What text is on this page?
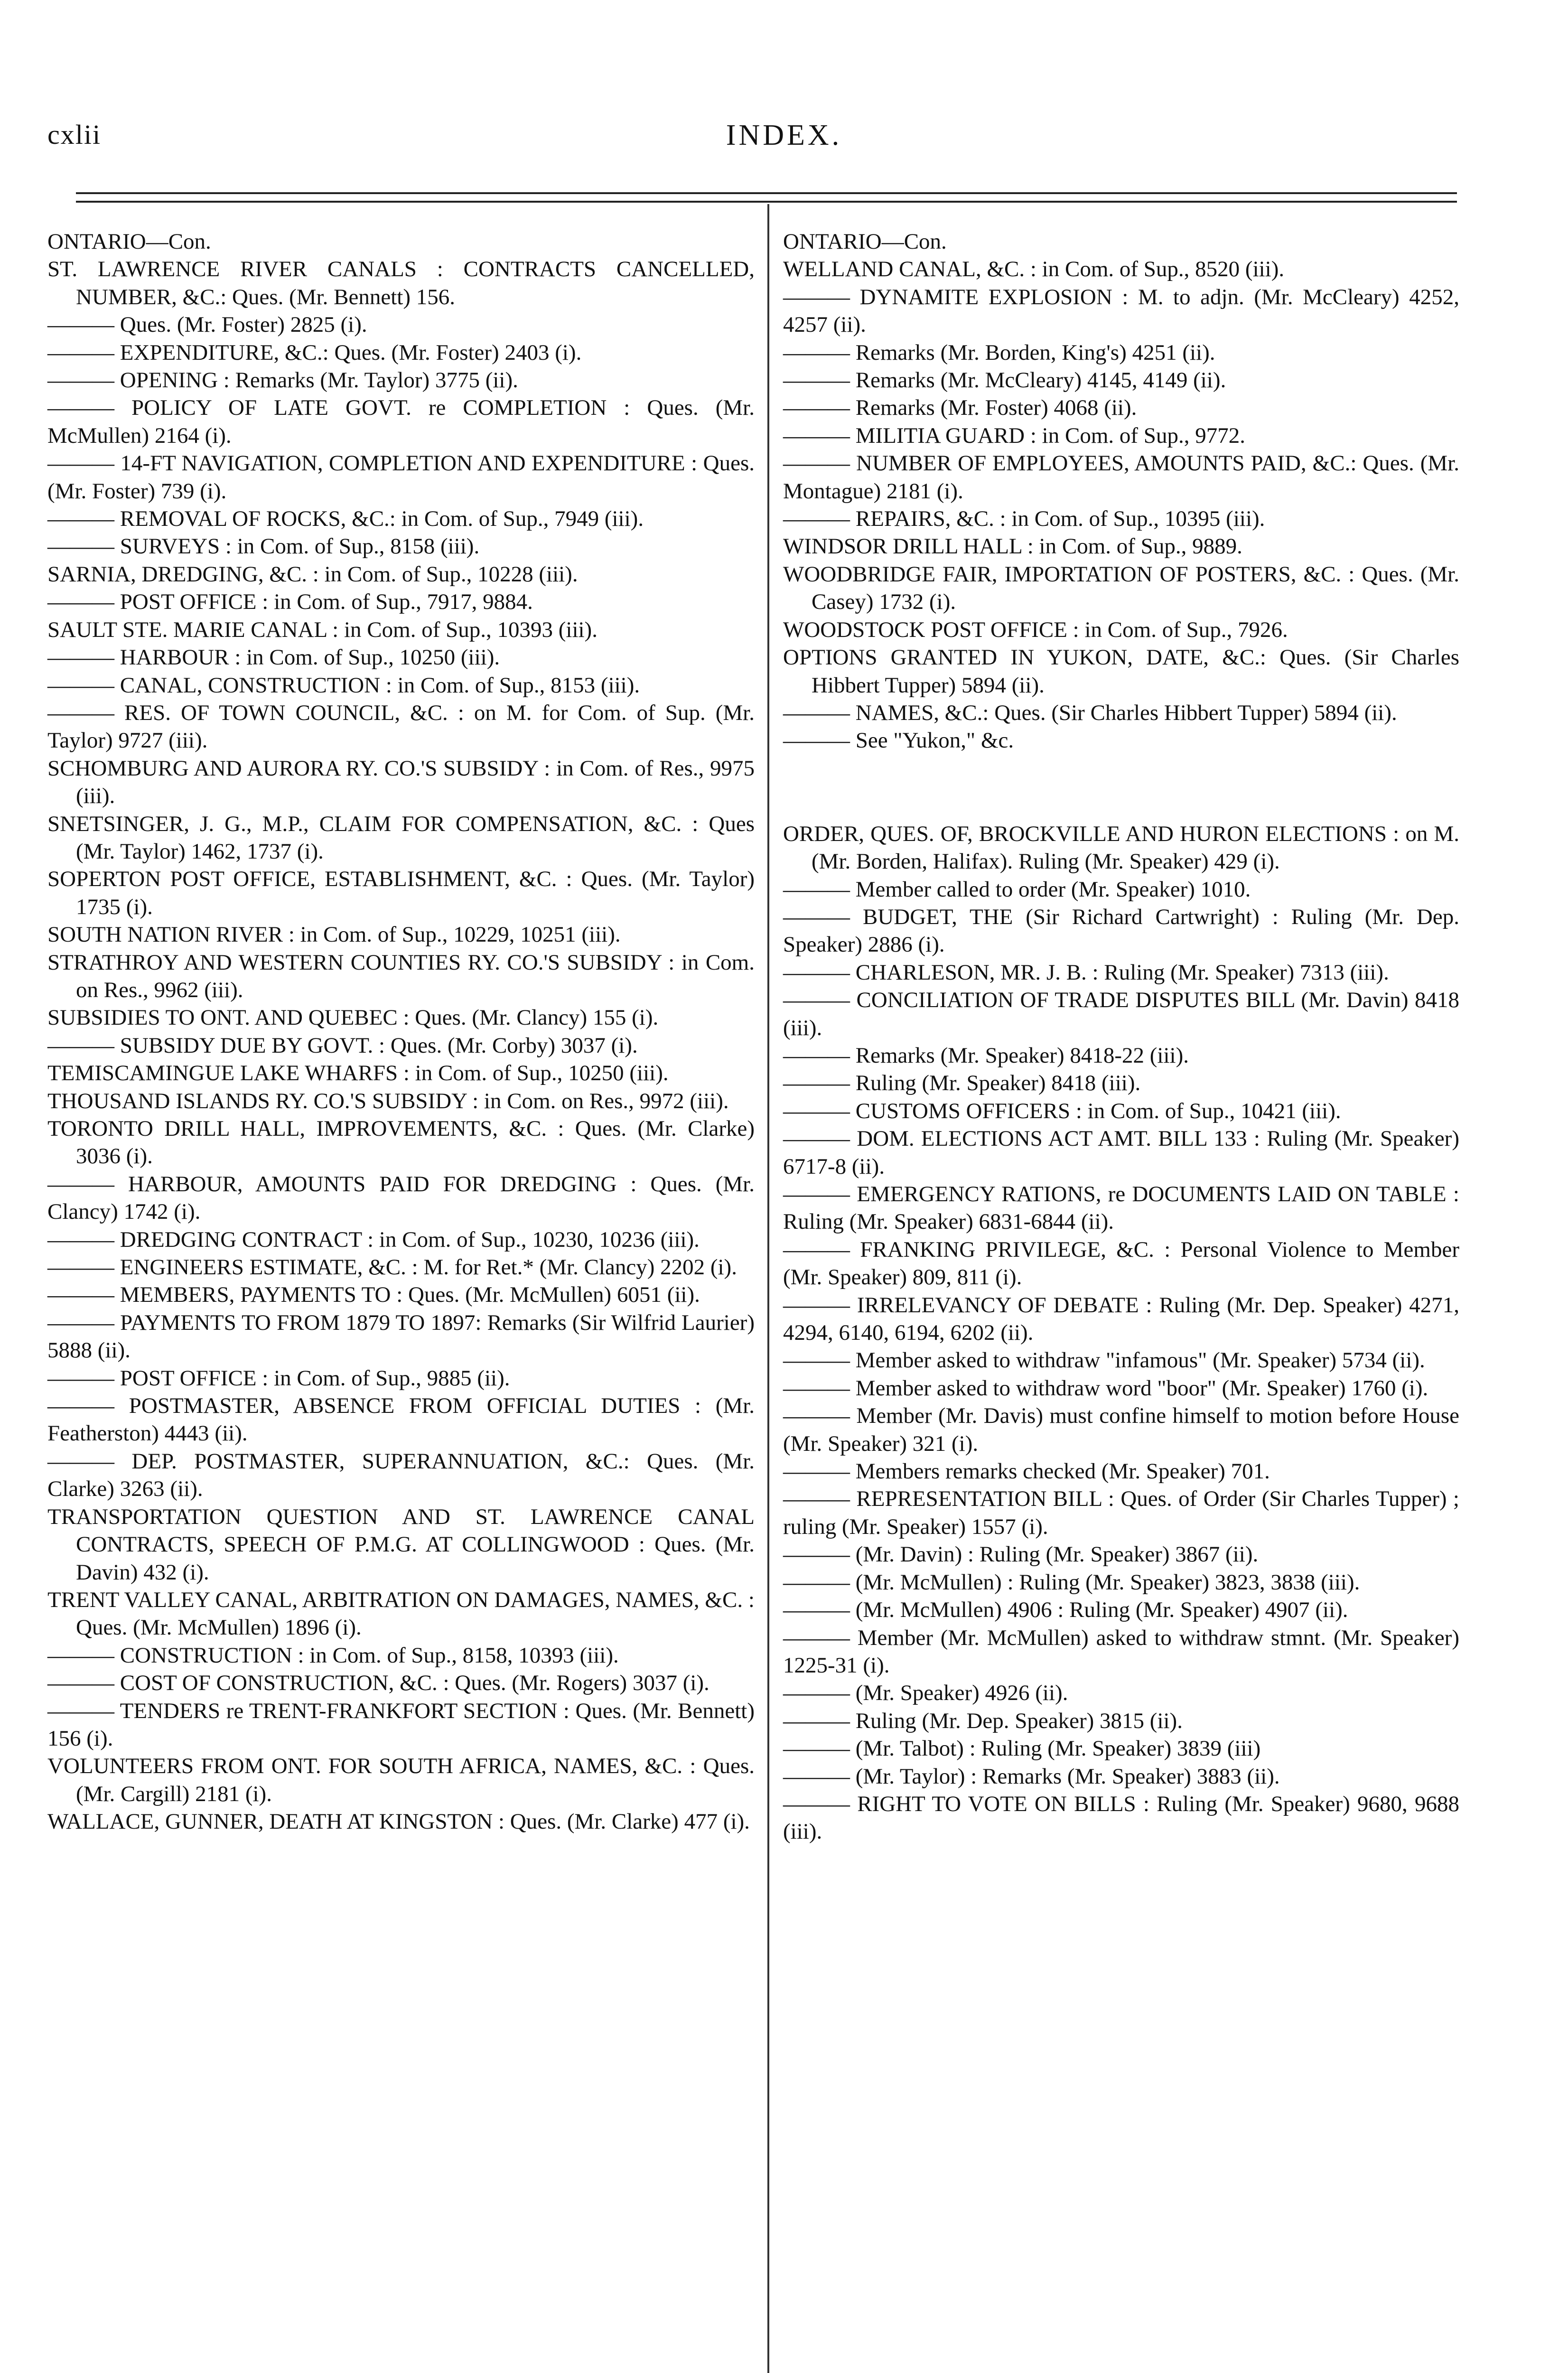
cxlii	INDEX.

ONTARIO—Con.

ST. LAWRENCE RIVER CANALS : CONTRACTS CANCELLED, NUMBER, &C.: Ques. (Mr. Bennett) 156.

——— Ques. (Mr. Foster) 2825 (i).

——— EXPENDITURE, &C.: Ques. (Mr. Foster) 2403 (i).

——— OPENING : Remarks (Mr. Taylor) 3775 (ii).

——— POLICY OF LATE GOVT. re COMPLETION : Ques. (Mr. McMullen) 2164 (i).

——— 14-FT NAVIGATION, COMPLETION AND EXPENDITURE : Ques. (Mr. Foster) 739 (i).

——— REMOVAL OF ROCKS, &C.: in Com. of Sup., 7949 (iii).

——— SURVEYS : in Com. of Sup., 8158 (iii).

SARNIA, DREDGING, &C. : in Com. of Sup., 10228 (iii).

——— POST OFFICE : in Com. of Sup., 7917, 9884.

SAULT STE. MARIE CANAL : in Com. of Sup., 10393 (iii).

——— HARBOUR : in Com. of Sup., 10250 (iii).

——— CANAL, CONSTRUCTION : in Com. of Sup., 8153 (iii).

——— RES. OF TOWN COUNCIL, &C. : on M. for Com. of Sup. (Mr. Taylor) 9727 (iii).

SCHOMBURG AND AURORA RY. CO.'S SUBSIDY : in Com. of Res., 9975 (iii).

SNETSINGER, J. G., M.P., CLAIM FOR COMPENSATION, &C. : Ques (Mr. Taylor) 1462, 1737 (i).

SOPERTON POST OFFICE, ESTABLISHMENT, &C. : Ques. (Mr. Taylor) 1735 (i).

SOUTH NATION RIVER : in Com. of Sup., 10229, 10251 (iii).

STRATHROY AND WESTERN COUNTIES RY. CO.'S SUBSIDY : in Com. on Res., 9962 (iii).

SUBSIDIES TO ONT. AND QUEBEC : Ques. (Mr. Clancy) 155 (i).

——— SUBSIDY DUE BY GOVT. : Ques. (Mr. Corby) 3037 (i).

TEMISCAMINGUE LAKE WHARFS : in Com. of Sup., 10250 (iii).

THOUSAND ISLANDS RY. CO.'S SUBSIDY : in Com. on Res., 9972 (iii).

TORONTO DRILL HALL, IMPROVEMENTS, &C. : Ques. (Mr. Clarke) 3036 (i).

——— HARBOUR, AMOUNTS PAID FOR DREDGING : Ques. (Mr. Clancy) 1742 (i).

——— DREDGING CONTRACT : in Com. of Sup., 10230, 10236 (iii).

——— ENGINEERS ESTIMATE, &C. : M. for Ret.* (Mr. Clancy) 2202 (i).

——— MEMBERS, PAYMENTS TO : Ques. (Mr. McMullen) 6051 (ii).

——— PAYMENTS TO FROM 1879 TO 1897: Remarks (Sir Wilfrid Laurier) 5888 (ii).

——— POST OFFICE : in Com. of Sup., 9885 (ii).

——— POSTMASTER, ABSENCE FROM OFFICIAL DUTIES : (Mr. Featherston) 4443 (ii).

——— DEP. POSTMASTER, SUPERANNUATION, &C.: Ques. (Mr. Clarke) 3263 (ii).

TRANSPORTATION QUESTION AND ST. LAWRENCE CANAL CONTRACTS, SPEECH OF P.M.G. AT COLLINGWOOD : Ques. (Mr. Davin) 432 (i).

TRENT VALLEY CANAL, ARBITRATION ON DAMAGES, NAMES, &C. : Ques. (Mr. McMullen) 1896 (i).

——— CONSTRUCTION : in Com. of Sup., 8158, 10393 (iii).

——— COST OF CONSTRUCTION, &C. : Ques. (Mr. Rogers) 3037 (i).

——— TENDERS re TRENT-FRANKFORT SECTION : Ques. (Mr. Bennett) 156 (i).

VOLUNTEERS FROM ONT. FOR SOUTH AFRICA, NAMES, &C. : Ques. (Mr. Cargill) 2181 (i).

WALLACE, GUNNER, DEATH AT KINGSTON : Ques. (Mr. Clarke) 477 (i).

ONTARIO—Con.

WELLAND CANAL, &C. : in Com. of Sup., 8520 (iii).

——— DYNAMITE EXPLOSION : M. to adjn. (Mr. McCleary) 4252, 4257 (ii).

——— Remarks (Mr. Borden, King's) 4251 (ii).

——— Remarks (Mr. McCleary) 4145, 4149 (ii).

——— Remarks (Mr. Foster) 4068 (ii).

——— MILITIA GUARD : in Com. of Sup., 9772.

——— NUMBER OF EMPLOYEES, AMOUNTS PAID, &C.: Ques. (Mr. Montague) 2181 (i).

——— REPAIRS, &C. : in Com. of Sup., 10395 (iii).

WINDSOR DRILL HALL : in Com. of Sup., 9889.

WOODBRIDGE FAIR, IMPORTATION OF POSTERS, &C. : Ques. (Mr. Casey) 1732 (i).

WOODSTOCK POST OFFICE : in Com. of Sup., 7926.

OPTIONS GRANTED IN YUKON, DATE, &C.: Ques. (Sir Charles Hibbert Tupper) 5894 (ii).

——— NAMES, &C.: Ques. (Sir Charles Hibbert Tupper) 5894 (ii).

——— See "Yukon," &c.

ORDER, QUES. OF, BROCKVILLE AND HURON ELECTIONS : on M. (Mr. Borden, Halifax). Ruling (Mr. Speaker) 429 (i).

——— Member called to order (Mr. Speaker) 1010.

——— BUDGET, THE (Sir Richard Cartwright) : Ruling (Mr. Dep. Speaker) 2886 (i).

——— CHARLESON, MR. J. B. : Ruling (Mr. Speaker) 7313 (iii).

——— CONCILIATION OF TRADE DISPUTES BILL (Mr. Davin) 8418 (iii).

——— Remarks (Mr. Speaker) 8418-22 (iii).

——— Ruling (Mr. Speaker) 8418 (iii).

——— CUSTOMS OFFICERS : in Com. of Sup., 10421 (iii).

——— DOM. ELECTIONS ACT AMT. BILL 133 : Ruling (Mr. Speaker) 6717-8 (ii).

——— EMERGENCY RATIONS, re DOCUMENTS LAID ON TABLE : Ruling (Mr. Speaker) 6831-6844 (ii).

——— FRANKING PRIVILEGE, &C. : Personal Violence to Member (Mr. Speaker) 809, 811 (i).

——— IRRELEVANCY OF DEBATE : Ruling (Mr. Dep. Speaker) 4271, 4294, 6140, 6194, 6202 (ii).

——— Member asked to withdraw "infamous" (Mr. Speaker) 5734 (ii).

——— Member asked to withdraw word "boor" (Mr. Speaker) 1760 (i).

——— Member (Mr. Davis) must confine himself to motion before House (Mr. Speaker) 321 (i).

——— Members remarks checked (Mr. Speaker) 701.

——— REPRESENTATION BILL : Ques. of Order (Sir Charles Tupper) ; ruling (Mr. Speaker) 1557 (i).

——— (Mr. Davin) : Ruling (Mr. Speaker) 3867 (ii).

——— (Mr. McMullen) : Ruling (Mr. Speaker) 3823, 3838 (iii).

——— (Mr. McMullen) 4906 : Ruling (Mr. Speaker) 4907 (ii).

——— Member (Mr. McMullen) asked to withdraw stmnt. (Mr. Speaker) 1225-31 (i).

——— (Mr. Speaker) 4926 (ii).

——— Ruling (Mr. Dep. Speaker) 3815 (ii).

——— (Mr. Talbot) : Ruling (Mr. Speaker) 3839 (iii)

——— (Mr. Taylor) : Remarks (Mr. Speaker) 3883 (ii).

——— RIGHT TO VOTE ON BILLS : Ruling (Mr. Speaker) 9680, 9688 (iii).
